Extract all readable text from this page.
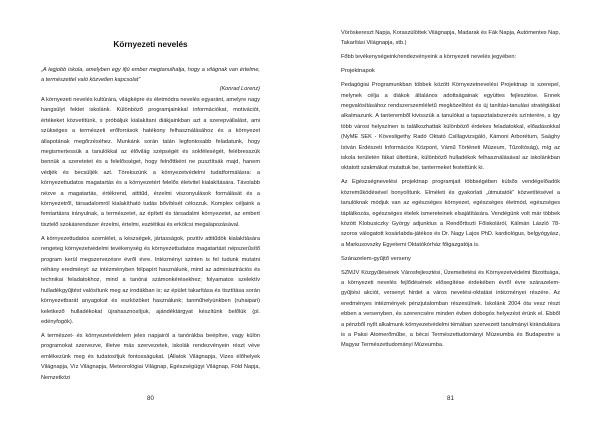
Környezeti nevelés
„A legjobb iskola, amelyben egy ifjú ember megtanulhatja, hogy a világnak van értelme, a természettel való közvetlen kapcsolat”
(Konrad Lorenz)

A környezeti nevelés kultúrára, világképre és életmódra nevelés egyaránt, amelyre nagy hangsúlyt fektet iskolánk. Különböző programjainkkal információkat, motivációt, értékeket közvetítünk, s próbáljuk kialakítani diákjainkban azt a szerepvállalást, ami szükséges a természeti erőforrások hatékony felhasználásához és a környezet állapotának megőrzéséhez. Munkánk során talán legfontosabb feladatunk, hogy megismertessük a tanulókkal az élővilág szépségét és sokféleségét, felébresszük bennük a szeretetet és a felelősséget, hogy felnőttként ne pusztítsák majd, hanem védjék és becsüljék azt. Törekszünk a környezetvédelmi tudatformálásra: a környezettudatos magatartás és a környezetért felelős életvitel kialakítására. Távolabb nézve a magatartás, értékrend, attitűd, érzelmi viszonyulások formálását és a környezetről, társadalomról kialakítható tudás bővítését célozzuk. Komplex céljaink a femtartásra irányulnak, a természetet, az épített és társadalmi környezetet, az embert tisztelő szokásrendszer érzelmi, értelmi, esztétikai és erkölcsi megalapozásával.

A környezettudatos szemlélet, a készségek, jártasságok, pozitív attitűdök kialakítására rengeteg környezetvédelmi tevékenység és környezettudatos magatartást népszerűsítő program kerül megszervezésre évről évre. Intézményi szinten is fel tudunk mutatni néhány eredményt: az intézményben félpapírt használunk, mind az adminisztrációs és technikai feladatokhoz, mind a tanórai számonkérésekhez; folyamatos szelektív hulladékgyűjtést valósítunk meg az irodákban is; az épület takarítása és tisztítása során környezetbarát anyagokat és eszközöket használunk; tanműhelyünkben (ruhaipari) keletkező hulladékokat újrahasznosítjuk, ajándéktárgyat készítünk belőlük (pl. edényfogók).

A természet- és környezetvédelem jeles napjairól a tanórákba beépítve, vagy külön programokat szervezve, illetve más szervezetek, iskolák rendezvényein részt véve emlékezünk meg és tudatosítjuk fontosságukat. (Állatok Világnapja, Vizes élőhelyek Világnapja, Víz Világnapja, Meteorológiai Világnap, Egészségügyi Világnap, Föld Napja, Nemzetközi

80

Vöröskereszt Napja, Koraszülöttek Világnapja, Madarak és Fák Napja, Autómentes Nap, Takarítási Világnapja, stb.)

Főbb tevékenységeink/rendezvényeink a környezeti nevelés jegyében:

Projektnapok

Pedagógiai Programunkban többek között Környezetnevelési Projektnap is szerepel, melynek célja a diákok általános adottságainak együttes fejlesztése. Ennek megvalósításához rendszerszemléletű megközelítést és új tanítási-tanulási stratégiákat alkalmazunk. A tanteremből kivisszük a tanulókat a tapasztalatszerzés színterére, s így több városi helyszínen is találkozhattak különböző érdekes feladatokkal, előadásokkal (NyME SEK - Kövesligethy Radó Oktató Csillagvizsgáló, Kámoni Arborétum, Saághy István Erdészeti Információs Központ, Vámű Történeti Múzeum, Tűzoltóság), míg az iskola területén fákat ültettünk, különböző hulladékok felhasználásával az iskolánkban oktatott szakmákat mutattuk be, tantermeket festettünk ki.

Az Egészségnevelési projektnap programjait többségében külsős vendégelőadók közreműködésével bonyolítunk. Elméleti és gyakorlati „útmutatók” közvetítésével a tanulóknak módjuk van az egészséges környezet, egészséges életmód, egészséges táplálkozás, egészséges ételek ismereteinek elsajátítására. Vendégünk volt már többek között Klobusiczky György adjunktus a Rendőrtiszti Főiskoláról, Kálmán László 78-szoros válogatott kosárlabda-játékos és Dr. Nagy Lajos PhD. kardiológus, belgyógyász, a Markusovszky Egyetemi Oktatókórház főigazgatója is.

Szárazelem-gyűjtő verseny

SZMJV Közgyűlésének Városfejlesztési, Üzemeltetési és Környezetvédelmi Bizottsága, a környezeti nevelés fejlődésének elősegítése érdekében évről évre szárazelem-gyűjtési akciót, versenyt hirdet a város nevelési-oktatási intézményei részére. Az eredményes intézmények pénzjutalomban részesülnek. Iskolánk 2004 óta vesz részt ebben a versenyben, és szerencsére minden évben dobogós helyezést érünk el. Ebből a pénzből nyílt alkalmunk környezetvédelmi témában szervezett tanulmányi kirándulásra is a Paksi Atomerőműbe, a bécsi Természettudományi Múzeumba és Budapestre a Magyar Természettudományi Múzeumba.

81
